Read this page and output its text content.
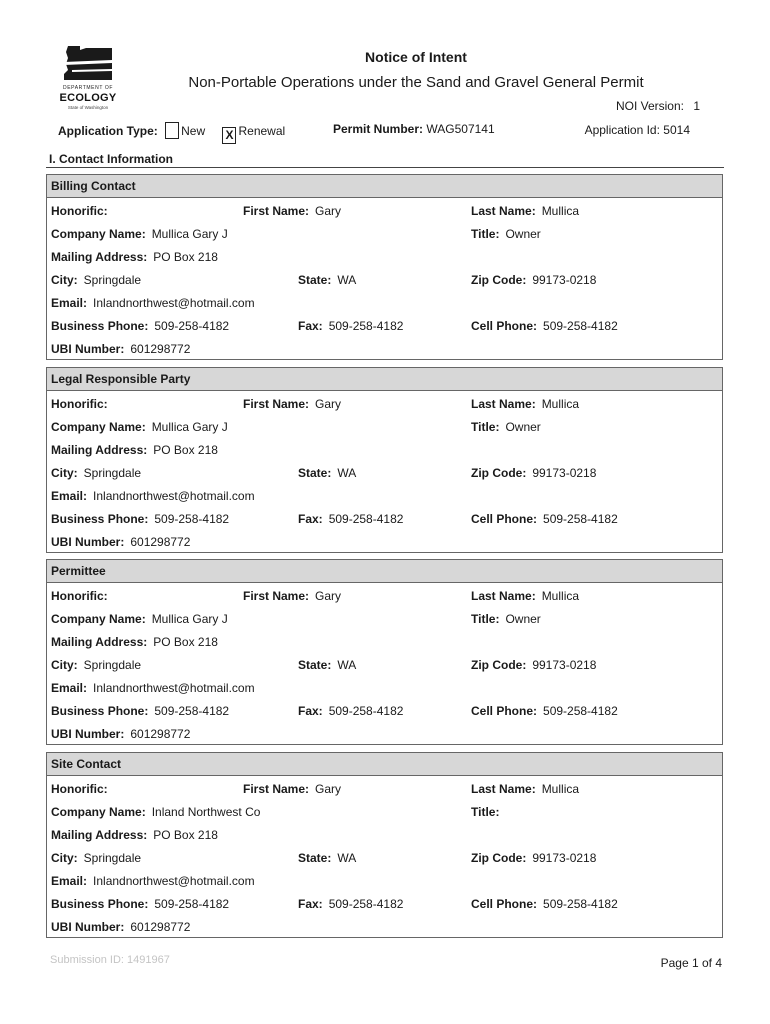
DEPARTMENT OF
ECOLOGY
State of Washington
Notice of Intent
Non-Portable Operations under the Sand and Gravel General Permit
NOI Version: 1
Application Type: New X Renewal	Permit Number: WAG507141	Application Id: 5014
I. Contact Information
Billing Contact
Honorific:	First Name: Gary	Last Name: Mullica
Company Name: Mullica Gary J	Title: Owner
Mailing Address: PO Box 218
City: Springdale	State: WA	Zip Code: 99173-0218
Email: Inlandnorthwest@hotmail.com
Business Phone: 509-258-4182	Fax: 509-258-4182	Cell Phone: 509-258-4182
UBI Number: 601298772
Legal Responsible Party
Honorific:	First Name: Gary	Last Name: Mullica
Company Name: Mullica Gary J	Title: Owner
Mailing Address: PO Box 218
City: Springdale	State: WA	Zip Code: 99173-0218
Email: Inlandnorthwest@hotmail.com
Business Phone: 509-258-4182	Fax: 509-258-4182	Cell Phone: 509-258-4182
UBI Number: 601298772
Permittee
Honorific:	First Name: Gary	Last Name: Mullica
Company Name: Mullica Gary J	Title: Owner
Mailing Address: PO Box 218
City: Springdale	State: WA	Zip Code: 99173-0218
Email: Inlandnorthwest@hotmail.com
Business Phone: 509-258-4182	Fax: 509-258-4182	Cell Phone: 509-258-4182
UBI Number: 601298772
Site Contact
Honorific:	First Name: Gary	Last Name: Mullica
Company Name: Inland Northwest Co	Title:
Mailing Address: PO Box 218
City: Springdale	State: WA	Zip Code: 99173-0218
Email: Inlandnorthwest@hotmail.com
Business Phone: 509-258-4182	Fax: 509-258-4182	Cell Phone: 509-258-4182
UBI Number: 601298772
Submission ID: 1491967	Page 1 of 4
